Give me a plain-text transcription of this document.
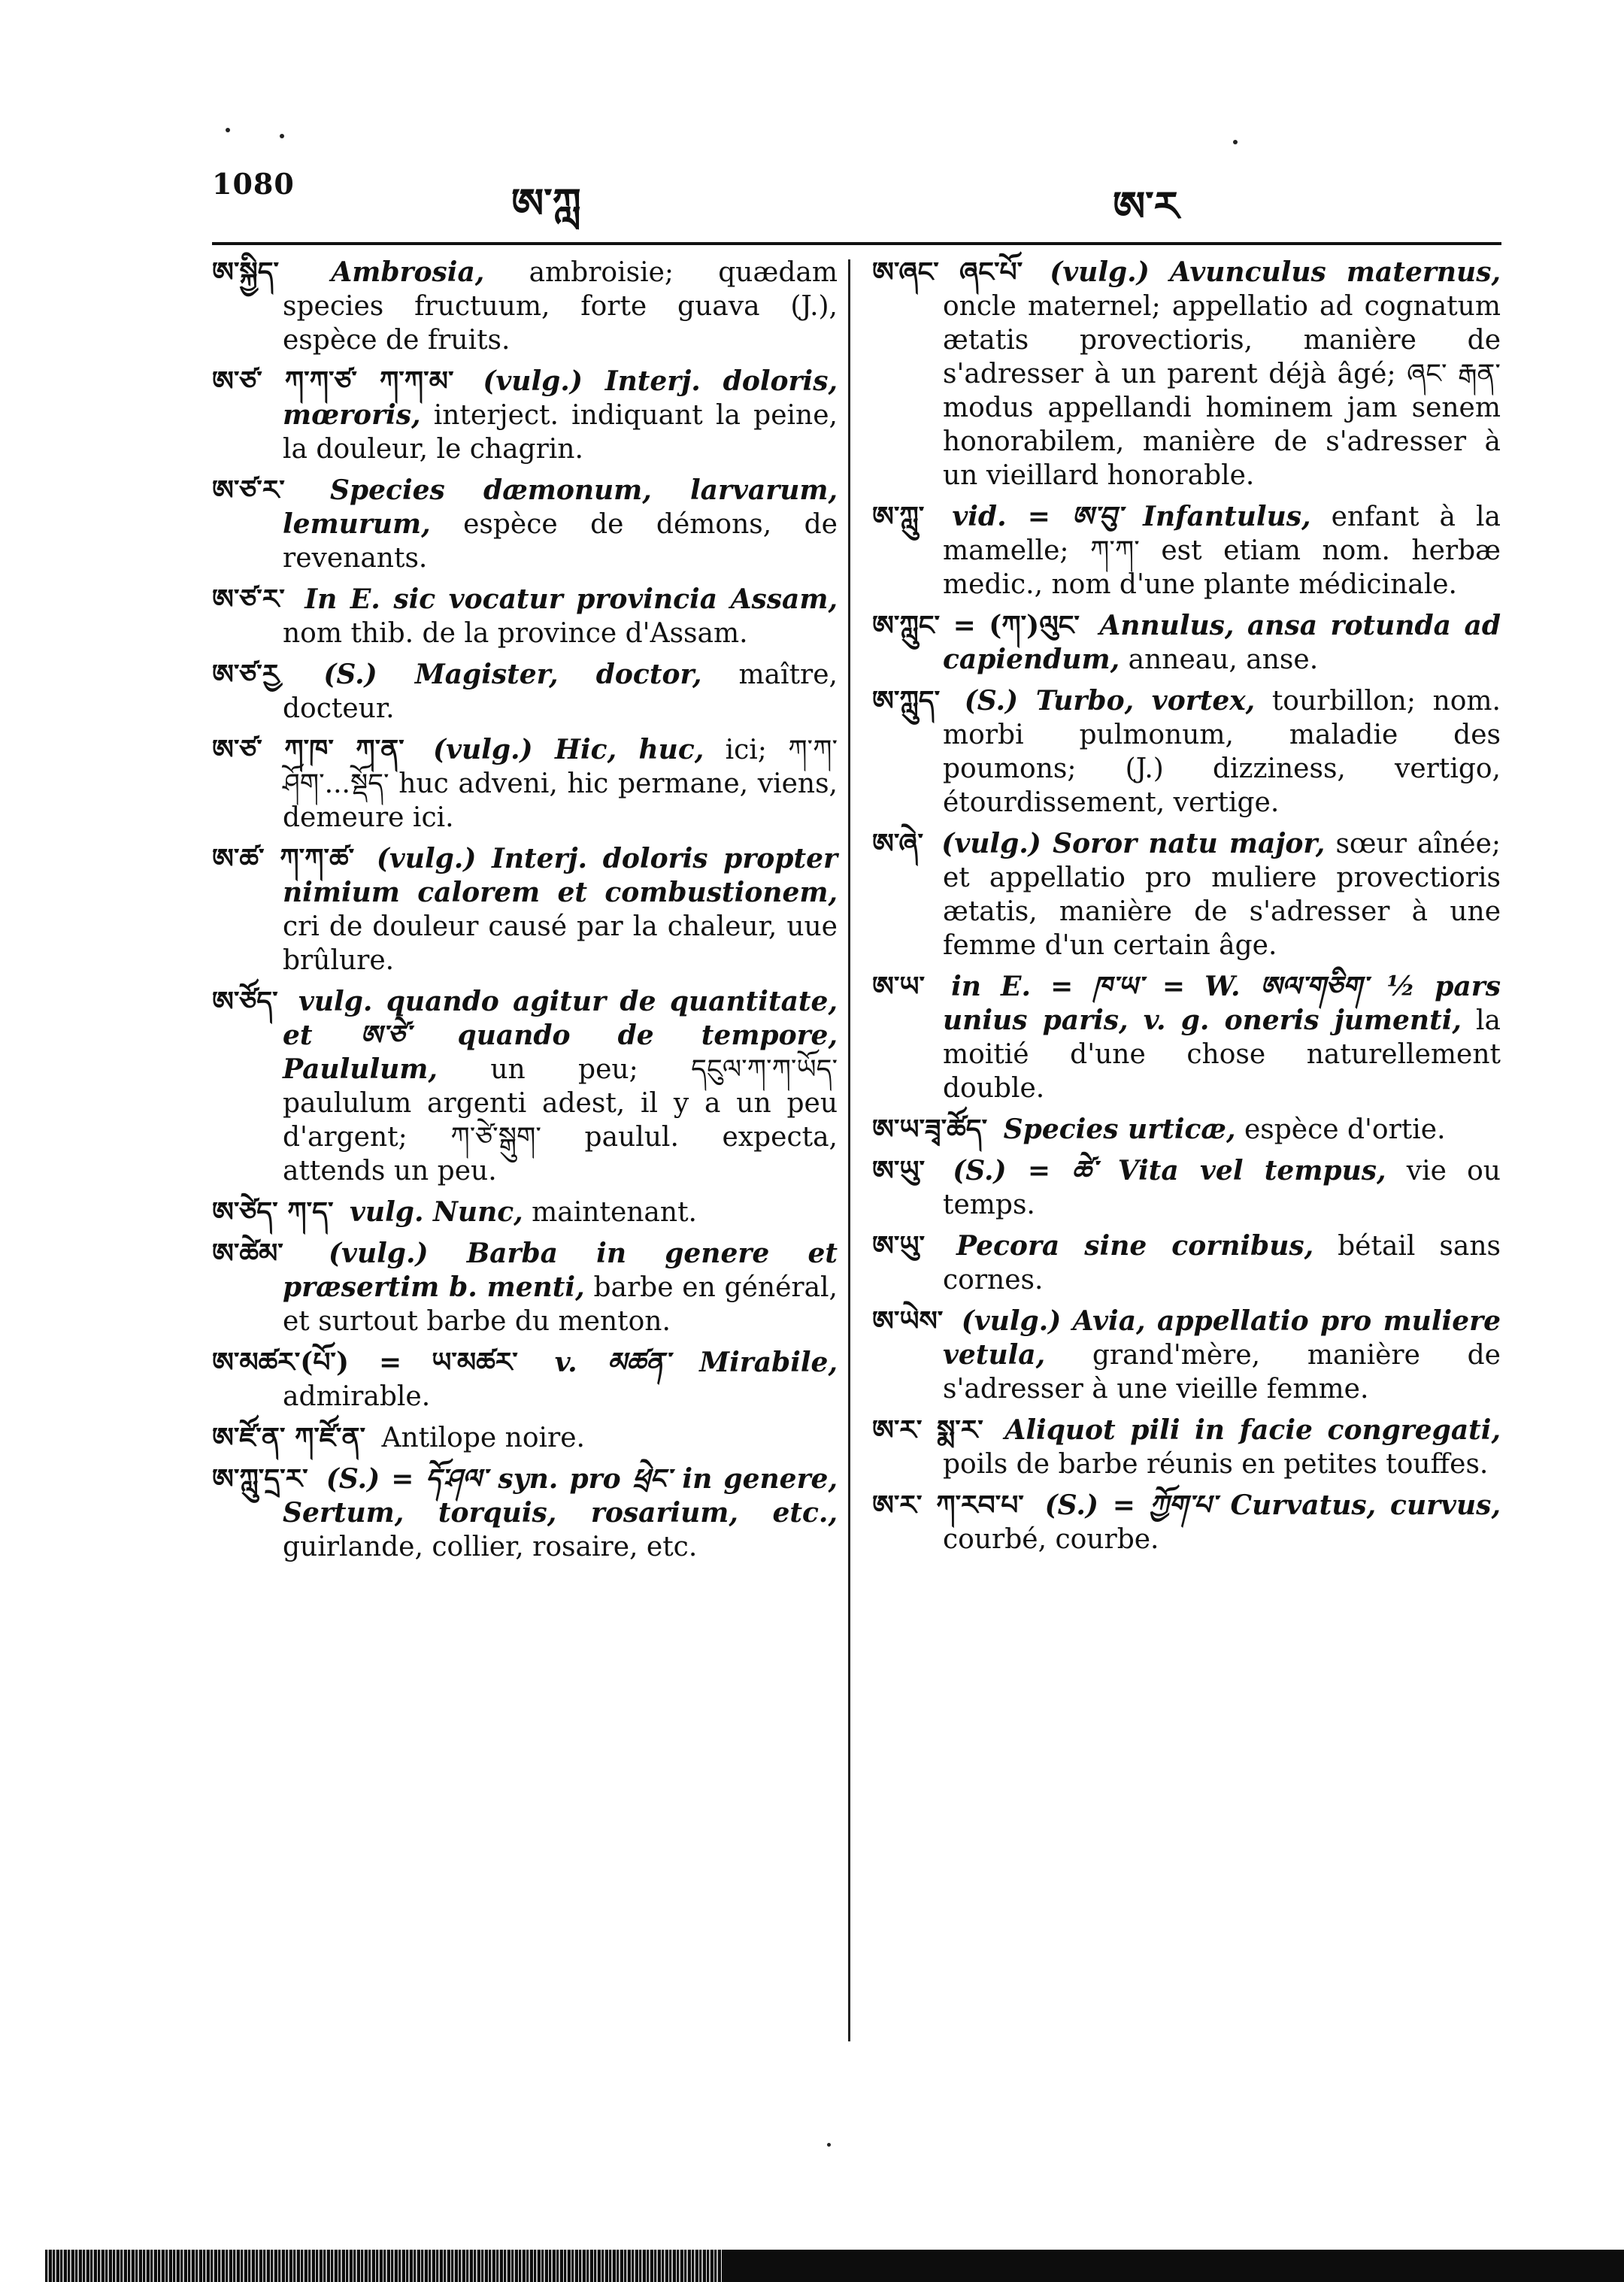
1080	ཨ་ཀླ	ཨ་ར
ཨ་སྐྱིད་ Ambrosia, ambroisie; quædam species fructuum, forte guava (J.), espèce de fruits.
ཨ་ཙ་ ཀ་ཀ་ཙ་ ཀ་ཀ་མ་ (vulg.) Interj. doloris, mœroris, interject. indiquant la peine, la douleur, le chagrin.
ཨ་ཙ་ར་ Species dæmonum, larvarum, lemurum, espèce de démons, de revenants.
ཨ་ཙ་ར་ In E. sic vocatur provincia Assam, nom thib. de la province d'Assam.
ཨ་ཙ་རྱ (S.) Magister, doctor, maître, docteur.
ཨ་ཙ་ ཀ་ཁ་ ཀ་ན་ (vulg.) Hic, huc, ici; ཀ་ཀ་ཤོག་...སྡོད་ huc adveni, hic permane, viens, demeure ici.
ཨ་ཚ་ ཀ་ཀ་ཚ་ (vulg.) Interj. doloris propter nimium calorem et combustionem, cri de douleur causé par la chaleur, uue brûlure.
ཨ་ཙོད་ vulg. quando agitur de quantitate, et ཨ་ཙེ་ quando de tempore, Paululum, un peu; དངུལ་ཀ་ཀ་ཡོད་ paululum argenti adest, il y a un peu d'argent; ཀ་ཙེ་སྒུག་ paulul. expecta, attends un peu.
ཨ་ཙེད་ ཀ་ད་ vulg. Nunc, maintenant.
ཨ་ཚེམ་ (vulg.) Barba in genere et præsertim b. menti, barbe en général, et surtout barbe du menton.
ཨ་མཚར་(པོ་) = ཡ་མཚར་ v. མཚན་ Mirabile, admirable.
ཨ་ཛོ་ན་ ཀ་ཛོ་ན་ Antilope noire.
ཨ་ཀླུ་དྲ་ར་ (S.) = དོ་ཤལ་ syn. pro ཕྲེང་ in genere, Sertum, torquis, rosarium, etc., guirlande, collier, rosaire, etc.
ཨ་ཞང་ ཞང་པོ་ (vulg.) Avunculus maternus, oncle maternel; appellatio ad cognatum ætatis provectioris, manière de s'adresser à un parent déjà âgé; ཞང་ རྒན་ modus appellandi hominem jam senem honorabilem, manière de s'adresser à un vieillard honorable.
ཨ་ཀླུ་ vid. = ཨ་བུ་ Infantulus, enfant à la mamelle; ཀ་ཀ་ est etiam nom. herbæ medic., nom d'une plante médicinale.
ཨ་ཀླུང་ = (ཀ་)ལུང་ Annulus, ansa rotunda ad capiendum, anneau, anse.
ཨ་ཀླུད་ (S.) Turbo, vortex, tourbillon; nom. morbi pulmonum, maladie des poumons; (J.) dizziness, vertigo, étourdissement, vertige.
ཨ་ཞེ་ (vulg.) Soror natu major, sœur aînée; et appellatio pro muliere provectioris ætatis, manière de s'adresser à une femme d'un certain âge.
ཨ་ཡ་ in E. = ཁ་ཡ་ = W. ཨལ་གཅིག་ ½ pars unius paris, v. g. oneris jumenti, la moitié d'une chose naturellement double.
ཨ་ཡ་ཟྭ་ཚོད་ Species urticæ, espèce d'ortie.
ཨ་ཡུ་ (S.) = ཚེ་ Vita vel tempus, vie ou temps.
ཨ་ཡུ་ Pecora sine cornibus, bétail sans cornes.
ཨ་ཡེས་ (vulg.) Avia, appellatio pro muliere vetula, grand'mère, manière de s'adresser à une vieille femme.
ཨ་ར་ སྨ་ར་ Aliquot pili in facie congregati, poils de barbe réunis en petites touffes.
ཨ་ར་ ཀ་རབ་པ་ (S.) = ཀྱོག་པ་ Curvatus, curvus, courbé, courbe.
